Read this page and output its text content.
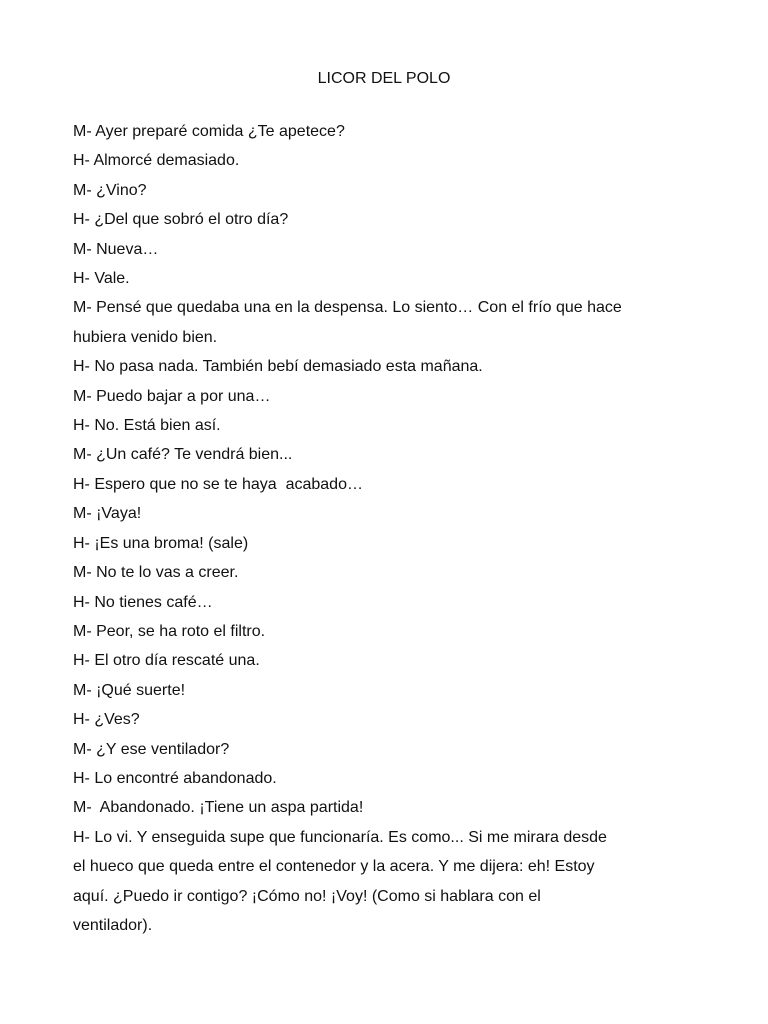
LICOR DEL POLO

M- Ayer preparé comida ¿Te apetece?

H- Almorcé demasiado.

M- ¿Vino?

H- ¿Del que sobró el otro día?

M- Nueva…

H- Vale.

M- Pensé que quedaba una en la despensa. Lo siento… Con el frío que hace

hubiera venido bien.

H- No pasa nada. También bebí demasiado esta mañana.

M- Puedo bajar a por una…

H- No. Está bien así.

M- ¿Un café? Te vendrá bien...

H- Espero que no se te haya  acabado…

M- ¡Vaya!

H- ¡Es una broma! (sale)

M- No te lo vas a creer.

H- No tienes café…

M- Peor, se ha roto el filtro.

H- El otro día rescaté una.

M- ¡Qué suerte!

H- ¿Ves?

M- ¿Y ese ventilador?

H- Lo encontré abandonado.

M-  Abandonado. ¡Tiene un aspa partida!

H- Lo vi. Y enseguida supe que funcionaría. Es como... Si me mirara desde

el hueco que queda entre el contenedor y la acera. Y me dijera: eh! Estoy

aquí. ¿Puedo ir contigo? ¡Cómo no! ¡Voy! (Como si hablara con el

ventilador).
